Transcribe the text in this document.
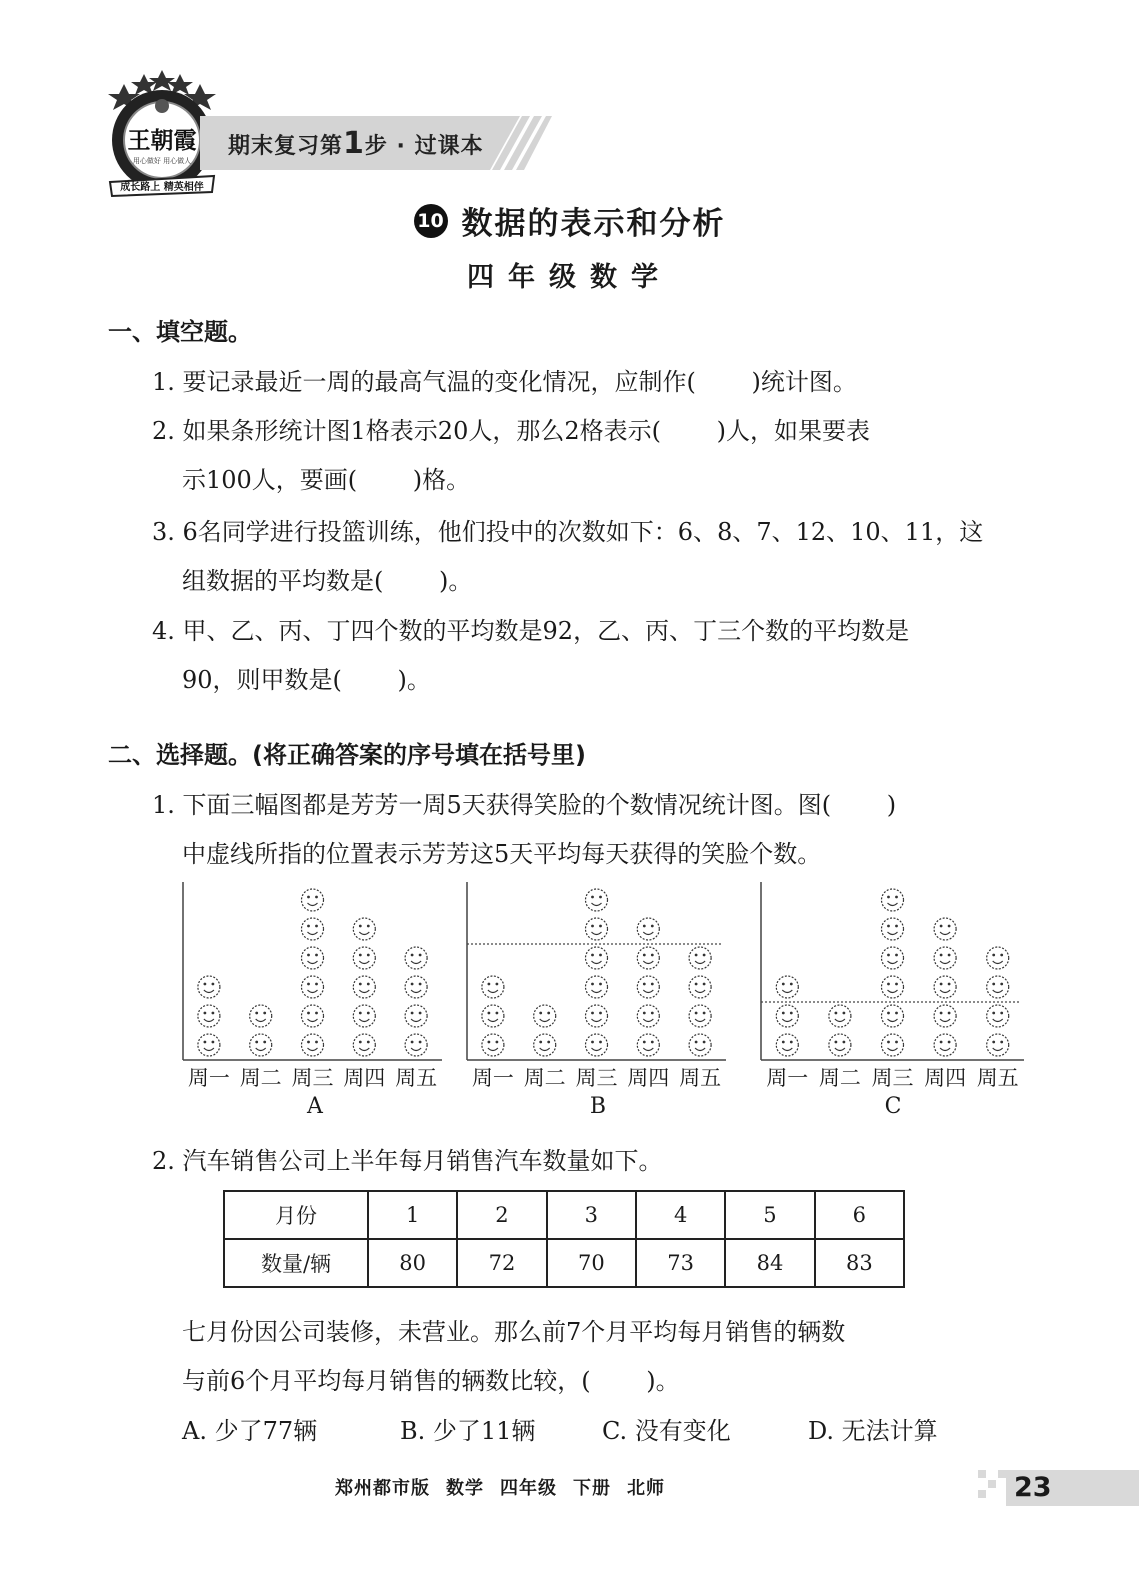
王朝霞
用心做好 用心做人
成长路上 精英相伴
期末复习第1步 · 过课本
10 数据的表示和分析
四年级数学
一、填空题。
1. 要记录最近一周的最高气温的变化情况，应制作(　　 )统计图。
2. 如果条形统计图1格表示20人，那么2格表示(　　 )人，如果要表
示100人，要画(　　 )格。
3. 6名同学进行投篮训练，他们投中的次数如下：6、8、7、12、10、11，这
组数据的平均数是(　　 )。
4. 甲、乙、丙、丁四个数的平均数是92，乙、丙、丁三个数的平均数是
90，则甲数是(　　 )。
二、选择题。(将正确答案的序号填在括号里)
1. 下面三幅图都是芳芳一周5天获得笑脸的个数情况统计图。图(　　 )
中虚线所指的位置表示芳芳这5天平均每天获得的笑脸个数。
周一 周二 周三 周四 周五 周一 周二 周三 周四 周五 周一 周二 周三 周四 周五
2. 汽车销售公司上半年每月销售汽车数量如下。
月份	1	2	3	4	5	6
数量/辆	80	72	70	73	84	83
七月份因公司装修，未营业。那么前7个月平均每月销售的辆数
与前6个月平均每月销售的辆数比较，(　　 )。
A. 少了77辆	B. 少了11辆	C. 没有变化	D. 无法计算
郑州都市版 数学 四年级 下册 北师	23
A	B	C
